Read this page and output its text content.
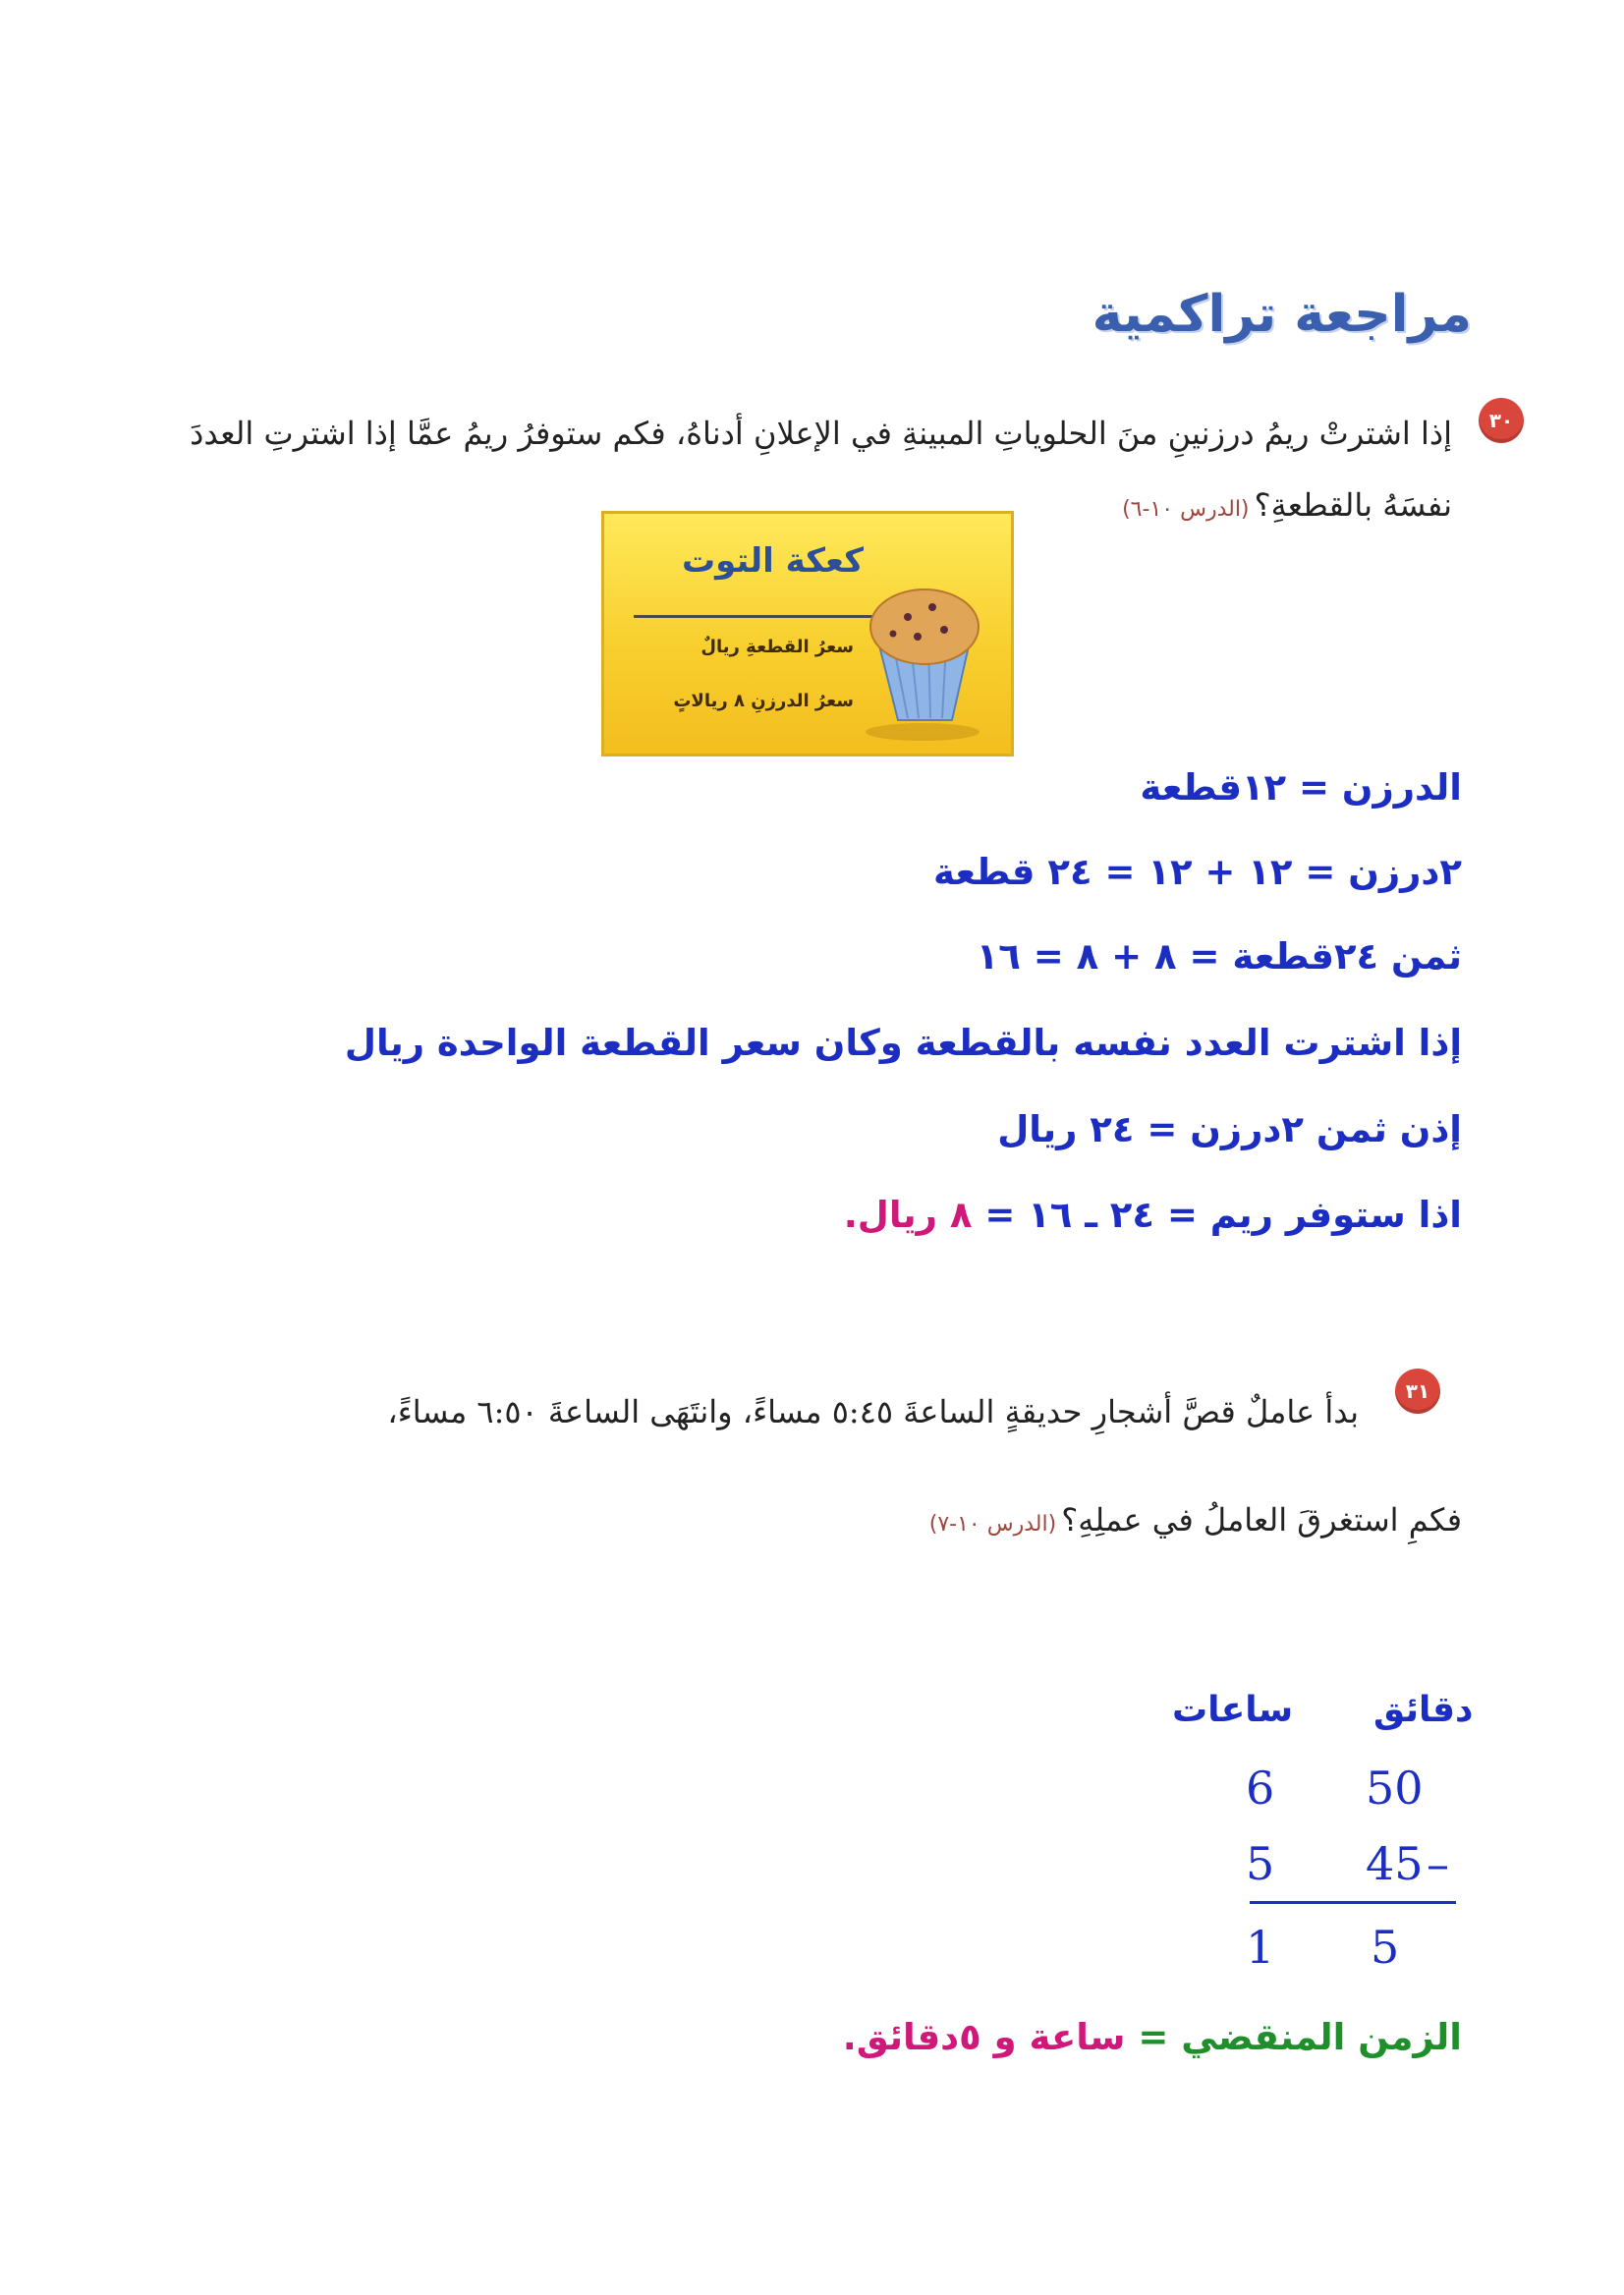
مراجعة تراكمية
٣٠
إذا اشترتْ ريمُ درزنينِ منَ الحلوياتِ المبينةِ في الإعلانِ أدناهُ، فكم ستوفرُ ريمُ عمَّا إذا اشترتِ العددَ
نفسَهُ بالقطعةِ؟ (الدرس ١٠-٦)
كعكة التوت
سعرُ القطعةِ ريالٌ
سعرُ الدرزنِ ٨ ريالاتٍ
الدرزن = ١٢قطعة
٢درزن = ١٢ + ١٢ = ٢٤ قطعة
ثمن ٢٤قطعة = ٨ + ٨ = ١٦
إذا اشترت العدد نفسه بالقطعة وكان سعر القطعة الواحدة ريال
إذن ثمن ٢درزن = ٢٤ ريال
اذا ستوفر ريم = ٢٤ ـ ١٦ = ٨ ريال.
٣١
بدأ عاملٌ قصَّ أشجارِ حديقةٍ الساعةَ ٥:٤٥ مساءً، وانتَهَى الساعةَ ٦:٥٠ مساءً،
فكمِ استغرقَ العاملُ في عملِهِ؟ (الدرس ١٠-٧)
دقائق
ساعات
50
6
45 –
5
5
1
الزمن المنقضي = ساعة و ٥دقائق.
